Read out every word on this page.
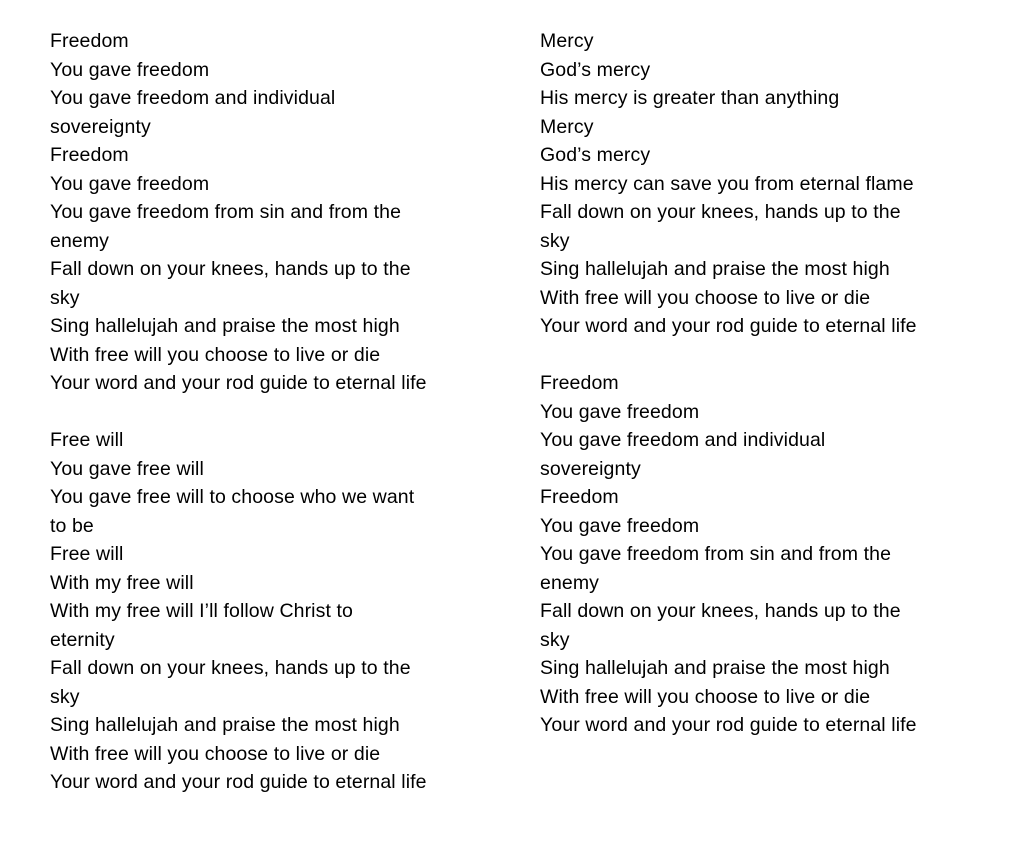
Freedom
You gave freedom
You gave freedom and individual
sovereignty
Freedom
You gave freedom
You gave freedom from sin and from the
enemy
Fall down on your knees, hands up to the
sky
Sing hallelujah and praise the most high
With free will you choose to live or die
Your word and your rod guide to eternal life
Free will
You gave free will
You gave free will to choose who we want
to be
Free will
With my free will
With my free will I’ll follow Christ to
eternity
Fall down on your knees, hands up to the
sky
Sing hallelujah and praise the most high
With free will you choose to live or die
Your word and your rod guide to eternal life
Mercy
God’s mercy
His mercy is greater than anything
Mercy
God’s mercy
His mercy can save you from eternal flame
Fall down on your knees, hands up to the
sky
Sing hallelujah and praise the most high
With free will you choose to live or die
Your word and your rod guide to eternal life
Freedom
You gave freedom
You gave freedom and individual
sovereignty
Freedom
You gave freedom
You gave freedom from sin and from the
enemy
Fall down on your knees, hands up to the
sky
Sing hallelujah and praise the most high
With free will you choose to live or die
Your word and your rod guide to eternal life
